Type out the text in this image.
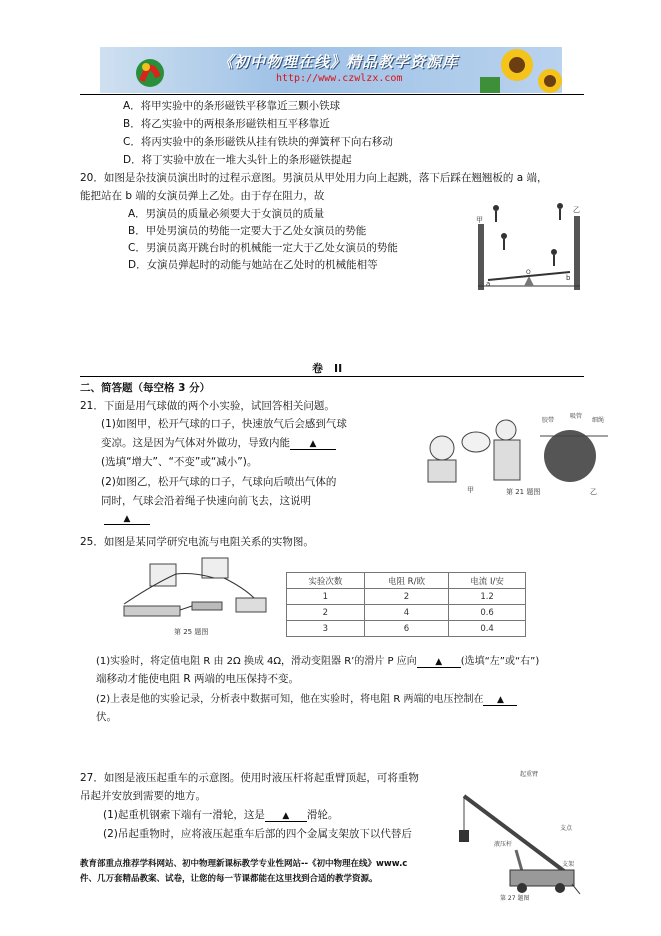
《初中物理在线》精品教学资源库
http://www.czwlzx.com
A．将甲实验中的条形磁铁平移靠近三颗小铁球
B．将乙实验中的两根条形磁铁相互平移靠近
C．将丙实验中的条形磁铁从挂有铁块的弹簧秤下向右移动
D．将丁实验中放在一堆大头针上的条形磁铁提起
20．如图是杂技演员演出时的过程示意图。男演员从甲处用力向上起跳，落下后踩在翘翘板的 a 端，
能把站在 b 端的女演员弹上乙处。由于存在阻力，故
A．男演员的质量必须要大于女演员的质量
B．甲处男演员的势能一定要大于乙处女演员的势能
C．男演员离开跳台时的机械能一定大于乙处女演员的势能
D．女演员弹起时的动能与她站在乙处时的机械能相等
甲
乙
a
b
O
卷　II
二、简答题（每空格 3 分）
21．下面是用气球做的两个小实验，试回答相关问题。
(1)如图甲，松开气球的口子，快速放气后会感到气球
变凉。这是因为气体对外做功，导致内能 ▲
(选填“增大”、“不变”或“减小”)。
(2)如图乙，松开气球的口子，气球向后喷出气体的
同时，气球会沿着绳子快速向前飞去，这说明
▲
甲	乙
胶带
吸管
细绳
第 21 题图
25．如图是某同学研究电流与电阻关系的实物图。
第 25 题图
实验次数	电阻 R/欧	电流 I/安
1	2	1.2
2	4	0.6
3	6	0.4
(1)实验时，将定值电阻 R 由 2Ω 换成 4Ω，滑动变阻器 R’的滑片 P 应向 ▲ (选填“左”或“右”)
端移动才能使电阻 R 两端的电压保持不变。
(2)上表是他的实验记录，分析表中数据可知，他在实验时，将电阻 R 两端的电压控制在 ▲
伏。
27．如图是液压起重车的示意图。使用时液压杆将起重臂顶起，可将重物
吊起并安放到需要的地方。
(1)起重机钢索下端有一滑轮，这是 ▲ 滑轮。
(2)吊起重物时，应将液压起重车后部的四个金属支架放下以代替后
起重臂
支点
液压杆
支架
第 27 题图
教育部重点推荐学科网站、初中物理新课标教学专业性网站--《初中物理在线》www.c
件、几万套精品教案、试卷，让您的每一节课都能在这里找到合适的教学资源。
